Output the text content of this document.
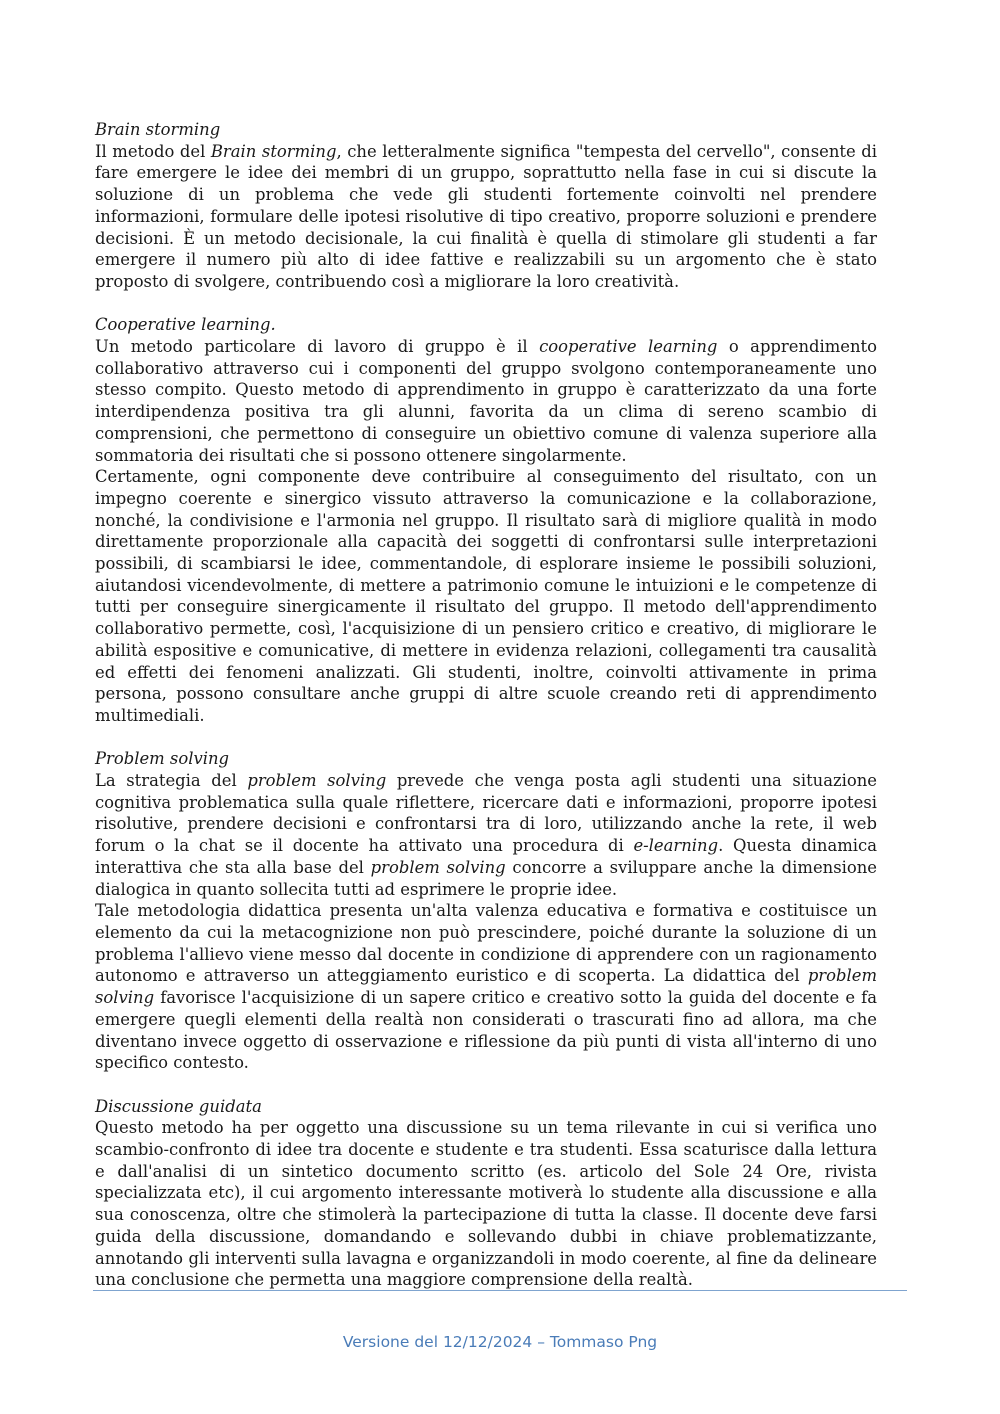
Brain storming

Il metodo del Brain storming, che letteralmente significa "tempesta del cervello", consente di fare emergere le idee dei membri di un gruppo, soprattutto nella fase in cui si discute la soluzione di un problema che vede gli studenti fortemente coinvolti nel prendere informazioni, formulare delle ipotesi risolutive di tipo creativo, proporre soluzioni e prendere decisioni. È un metodo decisionale, la cui finalità è quella di stimolare gli studenti a far emergere il numero più alto di idee fattive e realizzabili su un argomento che è stato proposto di svolgere, contribuendo così a migliorare la loro creatività.

Cooperative learning.

Un metodo particolare di lavoro di gruppo è il cooperative learning o apprendimento collaborativo attraverso cui i componenti del gruppo svolgono contemporaneamente uno stesso compito. Questo metodo di apprendimento in gruppo è caratterizzato da una forte interdipendenza positiva tra gli alunni, favorita da un clima di sereno scambio di comprensioni, che permettono di conseguire un obiettivo comune di valenza superiore alla sommatoria dei risultati che si possono ottenere singolarmente.

Certamente, ogni componente deve contribuire al conseguimento del risultato, con un impegno coerente e sinergico vissuto attraverso la comunicazione e la collaborazione, nonché, la condivisione e l'armonia nel gruppo. Il risultato sarà di migliore qualità in modo direttamente proporzionale alla capacità dei soggetti di confrontarsi sulle interpretazioni possibili, di scambiarsi le idee, commentandole, di esplorare insieme le possibili soluzioni, aiutandosi vicendevolmente, di mettere a patrimonio comune le intuizioni e le competenze di tutti per conseguire sinergicamente il risultato del gruppo. Il metodo dell'apprendimento collaborativo permette, così, l'acquisizione di un pensiero critico e creativo, di migliorare le abilità espositive e comunicative, di mettere in evidenza relazioni, collegamenti tra causalità ed effetti dei fenomeni analizzati. Gli studenti, inoltre, coinvolti attivamente in prima persona, possono consultare anche gruppi di altre scuole creando reti di apprendimento multimediali.

Problem solving

La strategia del problem solving prevede che venga posta agli studenti una situazione cognitiva problematica sulla quale riflettere, ricercare dati e informazioni, proporre ipotesi risolutive, prendere decisioni e confrontarsi tra di loro, utilizzando anche la rete, il web forum o la chat se il docente ha attivato una procedura di e-learning. Questa dinamica interattiva che sta alla base del problem solving concorre a sviluppare anche la dimensione dialogica in quanto sollecita tutti ad esprimere le proprie idee.

Tale metodologia didattica presenta un'alta valenza educativa e formativa e costituisce un elemento da cui la metacognizione non può prescindere, poiché durante la soluzione di un problema l'allievo viene messo dal docente in condizione di apprendere con un ragionamento autonomo e attraverso un atteggiamento euristico e di scoperta. La didattica del problem solving favorisce l'acquisizione di un sapere critico e creativo sotto la guida del docente e fa emergere quegli elementi della realtà non considerati o trascurati fino ad allora, ma che diventano invece oggetto di osservazione e riflessione da più punti di vista all'interno di uno specifico contesto.

Discussione guidata

Questo metodo ha per oggetto una discussione su un tema rilevante in cui si verifica uno scambio-confronto di idee tra docente e studente e tra studenti. Essa scaturisce dalla lettura e dall'analisi di un sintetico documento scritto (es. articolo del Sole 24 Ore, rivista specializzata etc), il cui argomento interessante motiverà lo studente alla discussione e alla sua conoscenza, oltre che stimolerà la partecipazione di tutta la classe. Il docente deve farsi guida della discussione, domandando e sollevando dubbi in chiave problematizzante, annotando gli interventi sulla lavagna e organizzandoli in modo coerente, al fine da delineare una conclusione che permetta una maggiore comprensione della realtà.

Versione del 12/12/2024 – Tommaso Png
